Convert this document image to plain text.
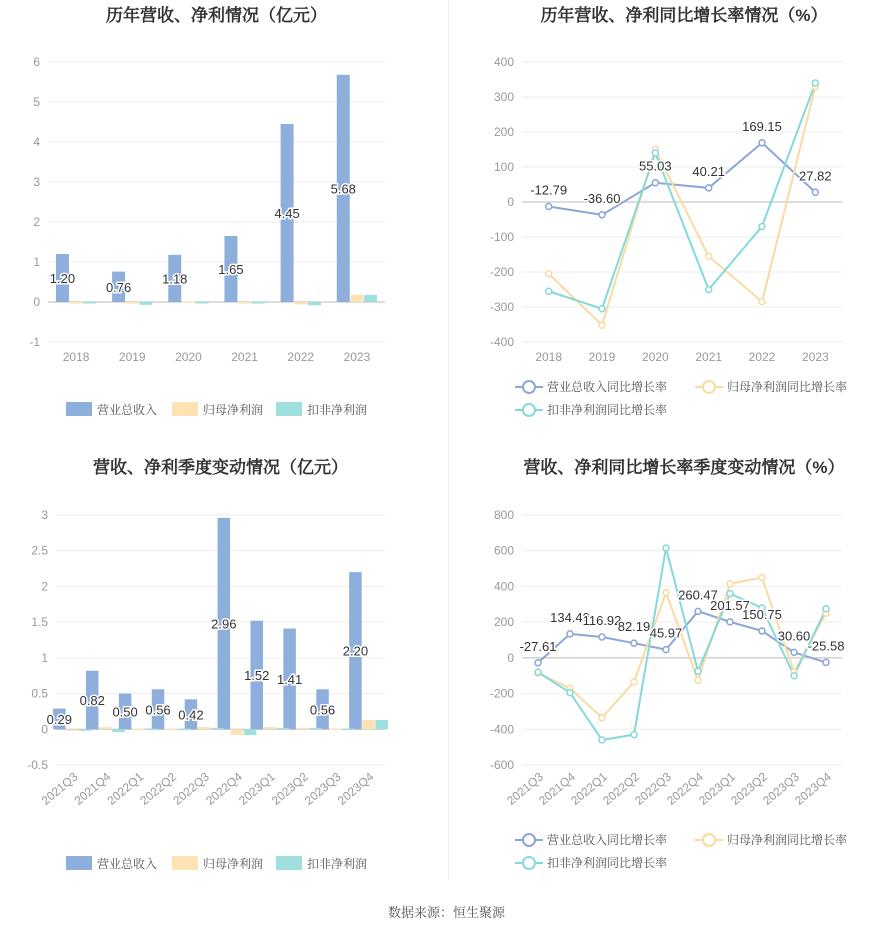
历年营收、净利情况（亿元）
-1
0
1
2
3
4
5
6
2018 2019 2020 2021 2022 2023
1.20
0.76
1.18
1.65
4.45
5.68
营业总收入	归母净利润	扣非净利润
历年营收、净利同比增长率情况（%）
-400
-300
-200
-100
0
100
200
300
400
2018 2019 2020 2021 2022 2023
-12.79
-36.60
55.03 40.21
169.15
27.82
营业总收入同比增长率	归母净利润同比增长率
扣非净利润同比增长率
营收、净利季度变动情况（亿元）
-0.5
0
0.5
1
1.5
2
2.5
3
2021Q3
2021Q4
2022Q1
2022Q2
2022Q3
2022Q4
2023Q1
2023Q2
2023Q3
2023Q4
0.29
0.82
0.50 0.56 0.42
2.96
1.52 1.41
0.56
2.20
营业总收入	归母净利润	扣非净利润
营收、净利同比增长率季度变动情况（%）
-600
-400
-200
0
200
400
600
800
2021Q3
2021Q4
2022Q1
2022Q2
2022Q3
2022Q4
2023Q1
2023Q2
2023Q3
2023Q4
-27.61
134.40
116.92
82.19 45.97
260.47
201.57
150.75
30.60
-25.58
营业总收入同比增长率	归母净利润同比增长率
扣非净利润同比增长率
数据来源：恒生聚源
